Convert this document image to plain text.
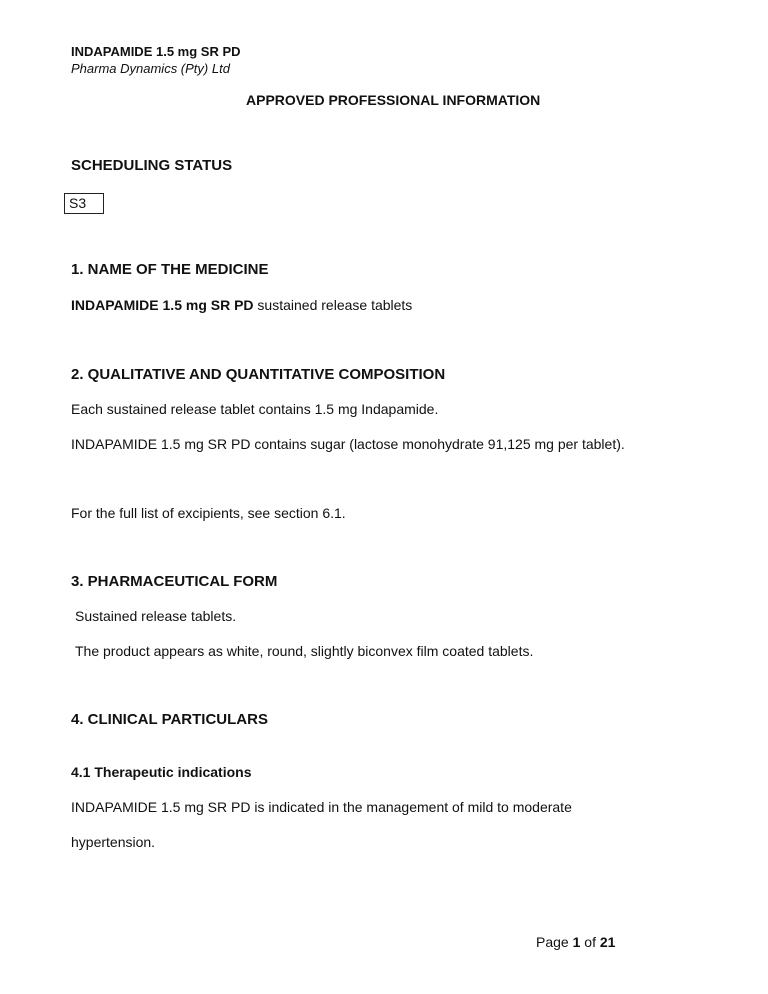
INDAPAMIDE 1.5 mg SR PD
Pharma Dynamics (Pty) Ltd
APPROVED PROFESSIONAL INFORMATION
SCHEDULING STATUS
S3
1. NAME OF THE MEDICINE
INDAPAMIDE 1.5 mg SR PD sustained release tablets
2. QUALITATIVE AND QUANTITATIVE COMPOSITION
Each sustained release tablet contains 1.5 mg Indapamide.
INDAPAMIDE 1.5 mg SR PD contains sugar (lactose monohydrate 91,125 mg per tablet).
For the full list of excipients, see section 6.1.
3. PHARMACEUTICAL FORM
Sustained release tablets.
The product appears as white, round, slightly biconvex film coated tablets.
4. CLINICAL PARTICULARS
4.1 Therapeutic indications
INDAPAMIDE 1.5 mg SR PD is indicated in the management of mild to moderate
hypertension.
Page 1 of 21
